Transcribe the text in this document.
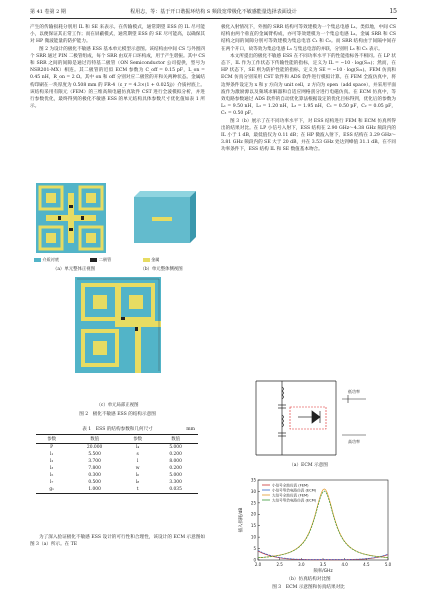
第 41 卷第 2 期	程用志，等：基于开口谐振环结构 S 频段宽带极化不敏感能量选择表面设计	15

产生的传输损耗分别用 IL 和 SE 来表示。在传输模式，通常期望 ESS 的 IL 尽可能小，以便保证其正常工作；而在屏蔽模式，通常期望 ESS 的 SE 尽可能高，以确保其对 HP 微波能量的防护能力。

图 2 为设计的极化不敏感 ESS 基本单元模型示意图。该结构由中间 CS 与外围四个 SRR 通过 PIN 二极管组成，每个 SRR 由双开口环构成，用于产生谐振。其中 CS 和 SRR 之间的间隙是通过肖特基二极管（ON Semiconductor 公司提供，型号为 NSR201-MX）相连。其二极管的近似 ECM 参数为 C_off = 0.15 pF，L_on = 0.45 nH，R_on = 2 Ω。其中 on 和 off 分别对应二极管的开和关两种状态。金属结构印刷在一块厚度为 0.508 mm 的 FR-4（ε_r = 4.3×(1 + 0.025j)）介质衬底上。该结构采用有限元（FEM）的三维高频电磁仿真软件 CST 进行全波模拟分析，并进行参数优化，最终得到的极化不敏感 ESS 的单元结构具体参数尺寸优化值如表 1 所示。

介质衬底	二极管	金属
（a）单元整体正视图	（b）单元整体侧视图
（c）单元局部正视图
图 2　极化不敏感 ESS 的结构示意图
表 1　ESS 的结构参数和几何尺寸	mm
参数	数值	参数	数值
P	20.000	l₄	5.000
l₁	5.500	s	0.200
l₂	3.700	l	8.000
l₃	7.800	w	0.200
l₅	0.300	l₆	5.000
l₇	0.500	l₈	3.300
g₁	1.000	t	0.035

为了深入验证极化不敏感 ESS 设计的可行性和合理性，该设计的 ECM 示意图如图 3（a）所示。在 TE

极化入射情况下，外围的 SRR 结构可等效建模为一个集总电感 L₁。类似地，中间 CS 结构由两个垂直的金属臂构成，亦可等效建模为一个集总电感 L₂。金属 SRR 和 CS 结构之间的间隙分别可等效建模为集总电容 C₁ 和 C₂。而 SRR 结构由于间隔中间存在两个开口，故等效为集总电感 L₃ 与集总电容的并联，分别用 L₃ 和 C₃ 表示。

本文所提出的极化不敏感 ESS 在不同功率水平下的性能指标各不相同。在 LP 状态下，IL 作为工作状态下传输性能的指标，定义为 IL = −10 · log(S₂₁)；然而，在 HP 状态下，SE 则为防护性能的指标，定义为 SE = −10 · log(S₂₁)。FEM 仿真和 ECM 仿真分别采用 CST 软件和 ADS 软件进行模拟计算。在 FEM 全波仿真中，将边界条件设定为 x 和 y 方向为 unit cell，z 方向为 open（add space），并采用平面波作为激励源以及频域求解器和自适应网格剖分进行电磁仿真。在 ECM 仿真中，等效电路参数通过 ADS 软件的自动优化算法根据设定的优化目标得到，优化后的参数为 L₁ = 9.50 nH，L₂ = 1.20 nH，L₃ = 1.95 nH，C₁ = 0.50 pF，C₂ = 0.05 pF，C₃ = 0.50 pF。

图 3（b）展示了在不同功率水平下，对 ESS 结构进行 FEM 和 ECM 仿真所得出的结果对比。在 LP 小信号入射下，ESS 结构在 2.90 GHz～4.38 GHz 频段内的 IL 小于 1 dB，最低值仅为 0.11 dB；在 HP 微波入射下，ESS 结构在 3.29 GHz～3.81 GHz 频段内的 SE 大于 20 dB，并在 3.53 GHz 处达到峰值 31.1 dB。在不同功率条件下，ESS 结构 IL 和 SE 数值基本吻合。

低功率
高功率
（a）ECM 示意图
2.0	2.5	3.0	3.5	4.0	4.5	5.0
0
5
10
15
20
25
30
35
频率/GHz
插入损耗/dB
小信号全波仿真 (FEM)
小信号等效电路仿真 (ECM)
大信号全波仿真 (FEM)
大信号等效电路仿真 (ECM)
（b）仿真结构对比图
图 3　ECM 示意图和仿真结果对比
